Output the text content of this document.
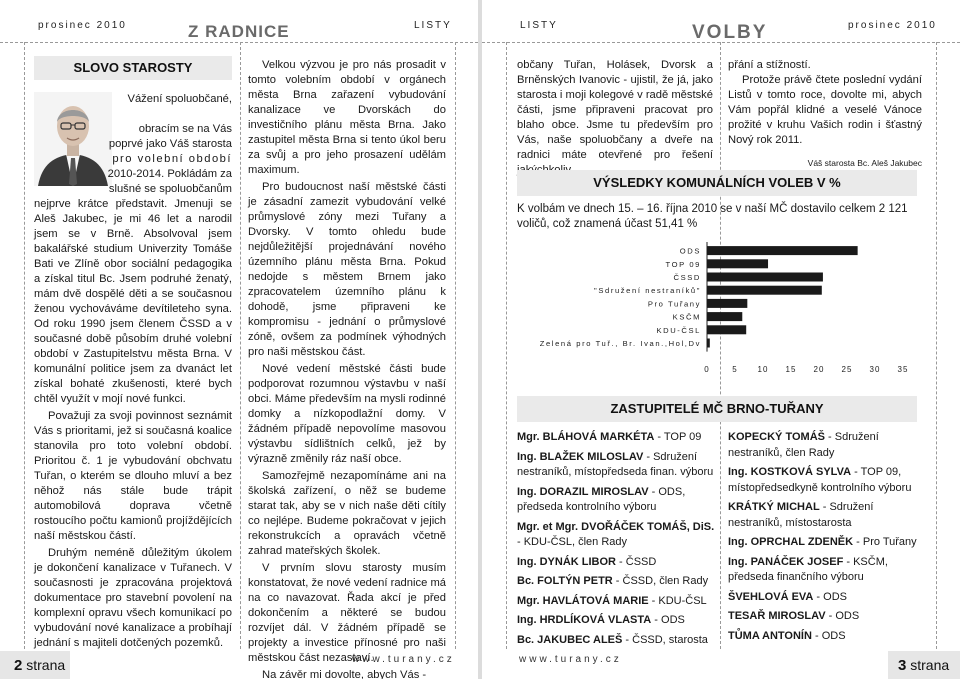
prosinec 2010	Z RADNICE	LISTY
SLOVO STAROSTY
Vážení spoluobčané,
obracím se na Vás
poprvé jako Váš starosta
pro volební období
2010-2014. Pokládám za
slušné se spoluobčanům

nejprve krátce představit. Jmenuji se Aleš Jakubec, je mi 46 let a narodil jsem se v Brně. Absolvoval jsem bakalářské studium Univerzity Tomáše Bati ve Zlíně obor sociální pedagogika a získal titul Bc. Jsem podruhé ženatý, mám dvě dospělé děti a se současnou ženou vychováváme devítileteho syna. Od roku 1990 jsem členem ČSSD a v současné době působím druhé volební období v Zastupitelstvu města Brna. V komunální politice jsem za dvanáct let získal bohaté zkušenosti, které bych chtěl využít v mojí nové funkci.

Považuji za svoji povinnost seznámit Vás s prioritami, jež si současná koalice stanovila pro toto volební období. Prioritou č. 1 je vybudování obchvatu Tuřan, o kterém se dlouho mluví a bez něhož nás stále bude trápit automobilová doprava včetně rostoucího počtu kamionů projíždějících naší městskou částí.

Druhým neméně důležitým úkolem je dokončení kanalizace v Tuřanech. V současnosti je zpracována projektová dokumentace pro stavební povolení na komplexní opravu všech komunikací po vybudování nové kanalizace a probíhají jednání s majiteli dotčených pozemků.

Velkou výzvou je pro nás prosadit v tomto volebním období v orgánech města Brna zařazení vybudování kanalizace ve Dvorskách do investičního plánu města Brna. Jako zastupitel města Brna si tento úkol beru za svůj a pro jeho prosazení udělám maximum.

Pro budoucnost naší městské části je zásadní zamezit vybudování velké průmyslové zóny mezi Tuřany a Dvorsky. V tomto ohledu bude nejdůležitější projednávání nového územního plánu města Brna. Pokud nedojde s městem Brnem jako zpracovatelem územního plánu k dohodě, jsme připraveni ke kompromisu - jednání o průmyslové zóně, ovšem za podmínek výhodných pro naši městskou část.

Nové vedení městské části bude podporovat rozumnou výstavbu v naší obci. Máme především na mysli rodinné domky a nízkopodlažní domy. V žádném případě nepovolíme masovou výstavbu sídlištních celků, jež by výrazně změnily ráz naší obce.

Samozřejmě nezapomínáme ani na školská zařízení, o něž se budeme starat tak, aby se v nich naše děti cítily co nejlépe. Budeme pokračovat v jejich rekonstrukcích a opravách včetně zahrad mateřských školek.

V prvním slovu starosty musím konstatovat, že nové vedení radnice má na co navazovat. Řada akcí je před dokončením a některé se budou rozvíjet dál. V žádném případě se projekty a investice přínosné pro naši městskou část nezastaví.

Na závěr mi dovolte, abych Vás -

www.turany.cz
2 strana
LISTY	VOLBY	prosinec 2010

občany Tuřan, Holásek, Dvorsk a Brněnských Ivanovic - ujistil, že já, jako starosta i moji kolegové v radě městské části, jsme připraveni pracovat pro blaho obce. Jsme tu především pro Vás, naše spoluobčany a dveře na radnici máte otevřené pro řešení

přání a stížností.

Protože právě čtete poslední vydání Listů v tomto roce, dovolte mi, abych Vám popřál klidné a veselé Vánoce prožité v kruhu Vašich rodin i šťastný Nový rok 2011.

Váš starosta Bc. Aleš Jakubec

VÝSLEDKY KOMUNÁLNÍCH VOLEB V %
K volbám ve dnech 15. – 16. října 2010 se v naší MČ dostavilo celkem 2 121 voličů, což znamená účast 51,41 %
ODS
TOP 09
ČSSD
"Sdružení nestraníků"
Pro Tuřany
KSČM
KDU-ČSL
Zelená pro Tuř., Br. Ivan.,Hol,Dv
0	5 10 15 20 25 30 35
ZASTUPITELÉ MČ BRNO-TUŘANY
Mgr. BLÁHOVÁ MARKÉTA - TOP 09
Ing. BLAŽEK MILOSLAV - Sdružení nestraníků, místopředseda finan. výboru
Ing. DORAZIL MIROSLAV - ODS, předseda kontrolního výboru
Mgr. et Mgr. DVOŘÁČEK TOMÁŠ, DiS. - KDU-ČSL, člen Rady
Ing. DYNÁK LIBOR - ČSSD
Bc. FOLTÝN PETR - ČSSD, člen Rady
Mgr. HAVLÁTOVÁ MARIE - KDU-ČSL
Ing. HRDLÍKOVÁ VLASTA - ODS
Bc. JAKUBEC ALEŠ - ČSSD, starosta
KOPECKÝ TOMÁŠ - Sdružení nestraníků, člen Rady
Ing. KOSTKOVÁ SYLVA - TOP 09, místopředsedkyně kontrolního výboru
KRÁTKÝ MICHAL - Sdružení nestraníků, místostarosta
Ing. OPRCHAL ZDENĚK - Pro Tuřany
Ing. PANÁČEK JOSEF - KSČM, předseda finančního výboru
ŠVEHLOVÁ EVA - ODS
TESAŘ MIROSLAV - ODS
TŮMA ANTONÍN - ODS
www.turany.cz	3 strana
